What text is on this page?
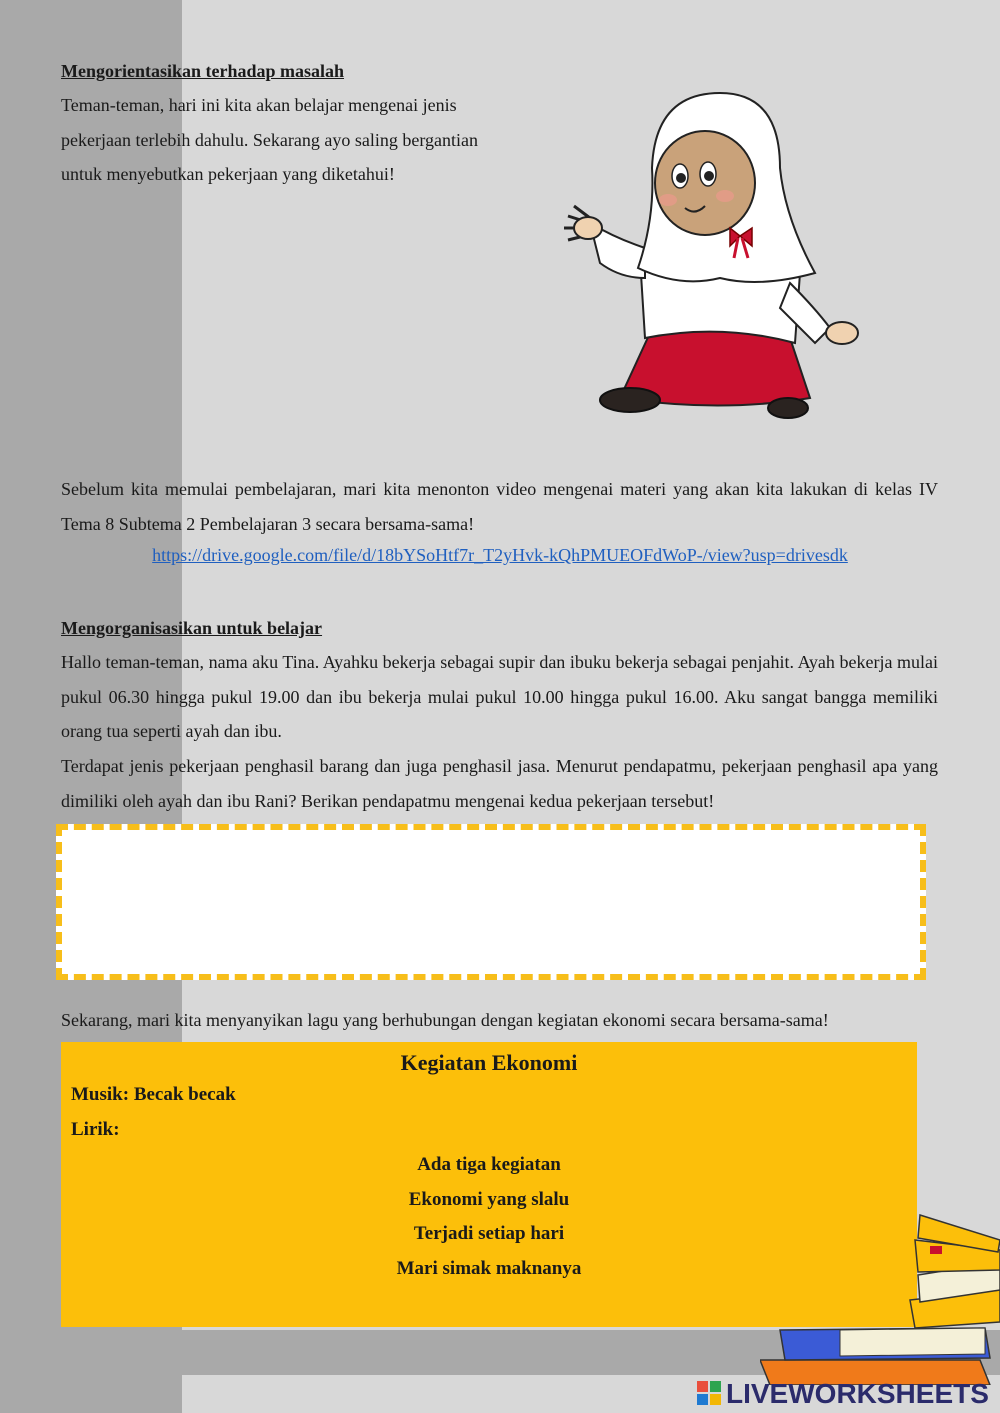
Mengorientasikan terhadap masalah
Teman-teman, hari ini kita akan belajar mengenai jenis
pekerjaan terlebih dahulu. Sekarang ayo saling bergantian
untuk menyebutkan pekerjaan yang diketahui!
Sebelum kita memulai pembelajaran, mari kita menonton video mengenai materi yang akan kita lakukan di kelas IV Tema 8 Subtema 2 Pembelajaran 3 secara bersama-sama!
https://drive.google.com/file/d/18bYSoHtf7r_T2yHvk-kQhPMUEOFdWoP-/view?usp=drivesdk
Mengorganisasikan untuk belajar
Hallo teman-teman, nama aku Tina. Ayahku bekerja sebagai supir dan ibuku bekerja sebagai penjahit. Ayah bekerja mulai pukul 06.30 hingga pukul 19.00 dan ibu bekerja mulai pukul 10.00 hingga pukul 16.00. Aku sangat bangga memiliki orang tua seperti ayah dan ibu.
Terdapat jenis pekerjaan penghasil barang dan juga penghasil jasa. Menurut pendapatmu, pekerjaan penghasil apa yang dimiliki oleh ayah dan ibu Rani? Berikan pendapatmu mengenai kedua pekerjaan tersebut!
Sekarang, mari kita menyanyikan lagu yang berhubungan dengan kegiatan ekonomi secara bersama-sama!
Kegiatan Ekonomi
Musik: Becak becak
Lirik:
Ada tiga kegiatan
Ekonomi yang slalu
Terjadi setiap hari
Mari simak maknanya
LIVEWORKSHEETS
